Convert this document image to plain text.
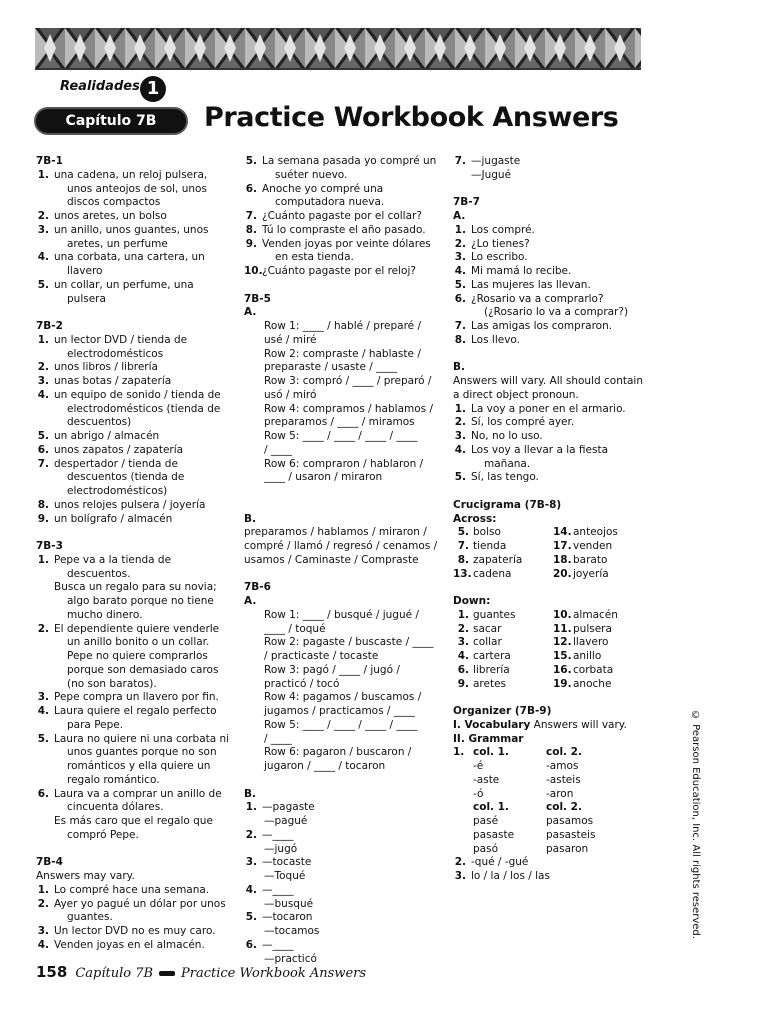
Realidades 1
Capítulo 7B	Practice Workbook Answers
7B-1
1. una cadena, un reloj pulsera,
unos anteojos de sol, unos
discos compactos
2. unos aretes, un bolso
3. un anillo, unos guantes, unos
aretes, un perfume
4. una corbata, una cartera, un
llavero
5. un collar, un perfume, una
pulsera
7B-2
1. un lector DVD / tienda de
electrodomésticos
2. unos libros / librería
3. unas botas / zapatería
4. un equipo de sonido / tienda de
electrodomésticos (tienda de
descuentos)
5. un abrigo / almacén
6. unos zapatos / zapatería
7. despertador / tienda de
descuentos (tienda de
electrodomésticos)
8. unos relojes pulsera / joyería
9. un bolígrafo / almacén
7B-3
1. Pepe va a la tienda de
descuentos.
Busca un regalo para su novia;
algo barato porque no tiene
mucho dinero.
2. El dependiente quiere venderle
un anillo bonito o un collar.
Pepe no quiere comprarlos
porque son demasiado caros
(no son baratos).
3. Pepe compra un llavero por fin.
4. Laura quiere el regalo perfecto
para Pepe.
5. Laura no quiere ni una corbata ni
unos guantes porque no son
románticos y ella quiere un
regalo romántico.
6. Laura va a comprar un anillo de
cincuenta dólares.
Es más caro que el regalo que
compró Pepe.
7B-4
Answers may vary.
1. Lo compré hace una semana.
2. Ayer yo pagué un dólar por unos
guantes.
3. Un lector DVD no es muy caro.
4. Venden joyas en el almacén.
5. La semana pasada yo compré un
suéter nuevo.
6. Anoche yo compré una
computadora nueva.
7. ¿Cuánto pagaste por el collar?
8. Tú lo compraste el año pasado.
9. Venden joyas por veinte dólares
en esta tienda.
10. ¿Cuánto pagaste por el reloj?
7B-5
A.
Row 1: ____ / hablé / preparé /
usé / miré
Row 2: compraste / hablaste /
preparaste / usaste / ____
Row 3: compró / ____ / preparó /
usó / miró
Row 4: compramos / hablamos /
preparamos / ____ / miramos
Row 5: ____ / ____ / ____ / ____
/ ____
Row 6: compraron / hablaron /
____ / usaron / miraron
B.
preparamos / hablamos / miraron /
compré / llamó / regresó / cenamos /
usamos / Caminaste / Compraste
7B-6
A.
Row 1: ____ / busqué / jugué /
____ / toqué
Row 2: pagaste / buscaste / ____
/ practicaste / tocaste
Row 3: pagó / ____ / jugó /
practicó / tocó
Row 4: pagamos / buscamos /
jugamos / practicamos / ____
Row 5: ____ / ____ / ____ / ____
/ ____
Row 6: pagaron / buscaron /
jugaron / ____ / tocaron
B.
1. —pagaste
—pagué
2. —____
—jugó
3. —tocaste
—Toqué
4. —____
—busqué
5. —tocaron
—tocamos
6. —____
—practicó
7. —jugaste
—Jugué
7B-7
A.
1. Los compré.
2. ¿Lo tienes?
3. Lo escribo.
4. Mi mamá lo recibe.
5. Las mujeres las llevan.
6. ¿Rosario va a comprarlo?
(¿Rosario lo va a comprar?)
7. Las amigas los compraron.
8. Los llevo.
B.
Answers will vary. All should contain
a direct object pronoun.
1. La voy a poner en el armario.
2. Sí, los compré ayer.
3. No, no lo uso.
4. Los voy a llevar a la fiesta
mañana.
5. Sí, las tengo.
Crucigrama (7B-8)
Across:
5. bolso	14.anteojos
7. tienda	17.venden
8. zapatería	18.barato
13.cadena	20.joyería
Down:
1. guantes	10.almacén
2. sacar	11.pulsera
3. collar	12.llavero
4. cartera	15.anillo
6. librería	16.corbata
9. aretes	19.anoche
Organizer (7B-9)
I. Vocabulary Answers will vary.
II. Grammar
1. col. 1.	col. 2.
-é	-amos
-aste	-asteis
-ó	-aron
col. 1.	col. 2.
pasé	pasamos
pasaste	pasasteis
pasó	pasaron
2. -qué / -gué
3. lo / la / los / las	© Pearson Education, Inc. All rights reserved.
158 Capítulo 7B Practice Workbook Answers
